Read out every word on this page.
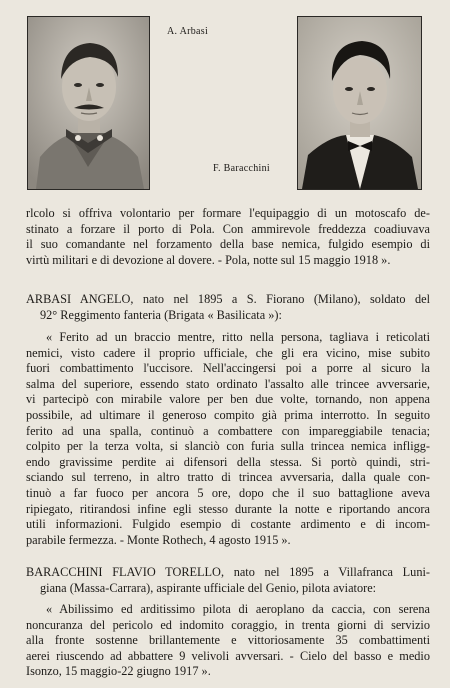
A. Arbasi
F. Baracchini
rlcolo si offriva volontario per formare l'equipaggio di un motoscafo de-
stinato a forzare il porto di Pola. Con ammirevole freddezza coadiuvava
il suo comandante nel forzamento della base nemica, fulgido esempio di
virtù militari e di devozione al dovere. - Pola, notte sul 15 maggio 1918 ».
ARBASI ANGELO, nato nel 1895 a S. Fiorano (Milano), soldato del
92° Reggimento fanteria (Brigata « Basilicata »):
« Ferito ad un braccio mentre, ritto nella persona, tagliava i reticolati
nemici, visto cadere il proprio ufficiale, che gli era vicino, mise subito
fuori combattimento l'uccisore. Nell'accingersi poi a porre al sicuro la
salma del superiore, essendo stato ordinato l'assalto alle trincee avversarie,
vi partecipò con mirabile valore per ben due volte, tornando, non appena
possibile, ad ultimare il generoso compito già prima interrotto. In seguito
ferito ad una spalla, continuò a combattere con impareggiabile tenacia;
colpito per la terza volta, si slanciò con furia sulla trincea nemica infligg-
endo gravissime perdite ai difensori della stessa. Si portò quindi, stri-
sciando sul terreno, in altro tratto di trincea avversaria, dalla quale con-
tinuò a far fuoco per ancora 5 ore, dopo che il suo battaglione aveva
ripiegato, ritirandosi infine egli stesso durante la notte e riportando ancora
utili informazioni. Fulgido esempio di costante ardimento e di incom-
parabile fermezza. - Monte Rothech, 4 agosto 1915 ».
BARACCHINI FLAVIO TORELLO, nato nel 1895 a Villafranca Luni-
giana (Massa-Carrara), aspirante ufficiale del Genio, pilota aviatore:
« Abilissimo ed arditissimo pilota di aeroplano da caccia, con serena
noncuranza del pericolo ed indomito coraggio, in trenta giorni di servizio
alla fronte sostenne brillantemente e vittoriosamente 35 combattimenti
aerei riuscendo ad abbattere 9 velivoli avversari. - Cielo del basso e medio
Isonzo, 15 maggio-22 giugno 1917 ».
